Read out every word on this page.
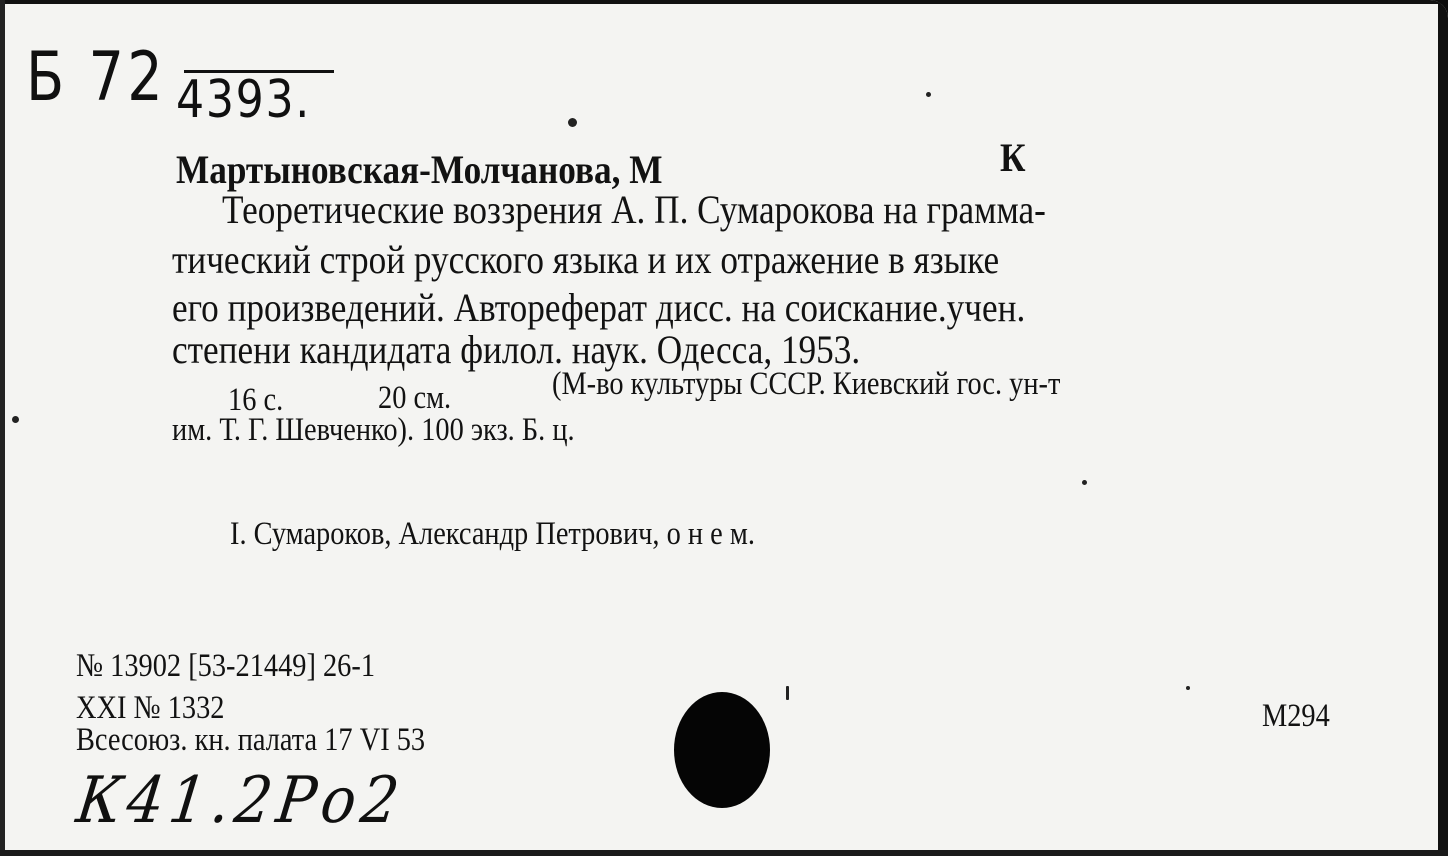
Б 72 4393.
Мартыновская-Молчанова, М	К
Теоретические воззрения А. П. Сумарокова на грамма-
тический строй русского языка и их отражение в языке
его произведений. Автореферат дисс. на соискание.учен.
степени кандидата филол. наук. Одесса, 1953.
16 с.	20 см.	(М-во культуры СССР. Киевский гос. ун-т
им. Т. Г. Шевченко). 100 экз. Б. ц.
I. Сумароков, Александр Петрович, о н е м.
№ 13902 [53-21449] 26-1
XXI № 1332
Всесоюз. кн. палата 17 VI 53
M294
К41.2Ро2
